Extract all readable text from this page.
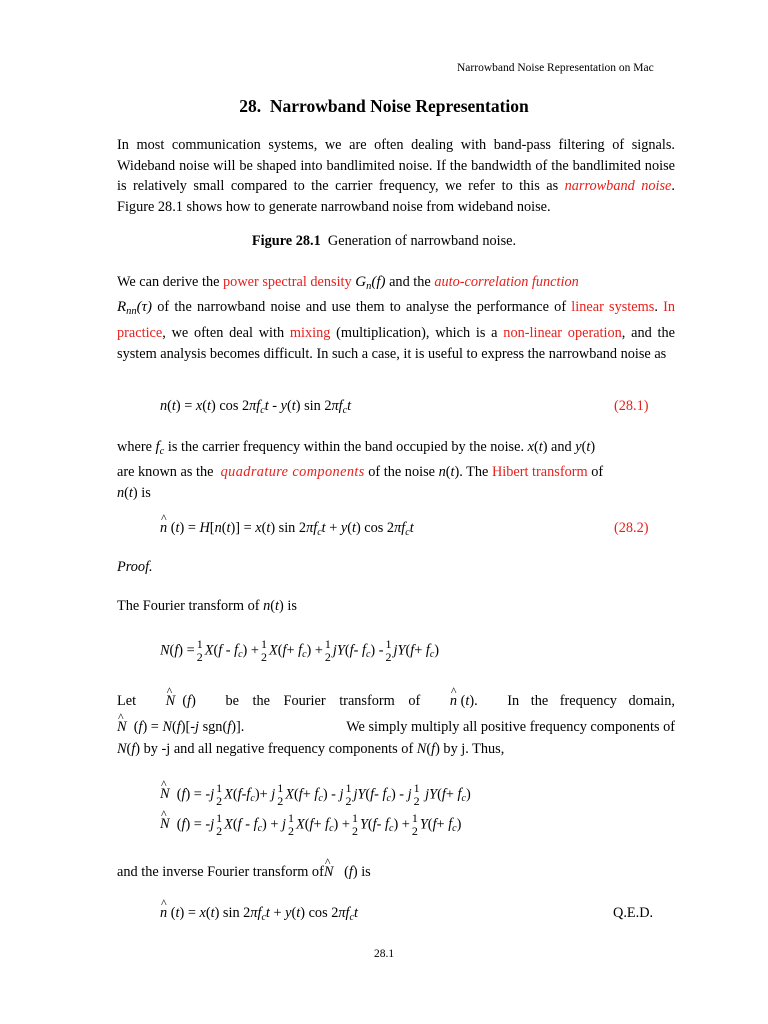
Narrowband Noise Representation on Mac
28.  Narrowband Noise Representation
In most communication systems, we are often dealing with band-pass filtering of signals. Wideband noise will be shaped into bandlimited noise. If the bandwidth of the bandlimited noise is relatively small compared to the carrier frequency, we refer to this as narrowband noise. Figure 28.1 shows how to generate narrowband noise from wideband noise.
Figure 28.1 Generation of narrowband noise.
We can derive the power spectral density $G_n(f)$ and the auto-correlation function
$R_{nn}(\tau)$ of the narrowband noise and use them to analyse the performance of linear systems. In practice, we often deal with mixing (multiplication), which is a non-linear operation, and the system analysis becomes difficult. In such a case, it is useful to express the narrowband noise as
n(t) = x(t) $\cos 2\pi f_ct - y(t)$ $\sin 2\pi f_ct$	(28.1)
where $f_c$ is the carrier frequency within the band occupied by the noise. x(t) and y(t)
are known as the  quadrature components of the noise n(t). The Hibert transform of
n(t) is
^ n (t) = H[n(t)] = x(t) $\sin 2\pi f_ct + y(t)$ $\cos 2\pi f_ct$	(28.2)
Proof.
The Fourier transform of n(t) is
N(f) = 1
2 $X(f - f_c) + 1$
2 $X(f+ f_c) + 1$
2 jY(f- $f_c) - 1$
2 $jY(f+ f_c)$
Let ^ N  (f) be the Fourier transform of ^ n (t). In the frequency domain,
^ N  (f) = N(f)[-j sgn(f)].	We simply multiply all positive frequency components of
N(f) by -j and all negative frequency components of N(f) by j. Thus,
^ N  (f) = -j 1
2 $X(f-f_c)+ j$ 1
2 $X(f+ f_c) - j$ 1
2 jY(f- $f_c$) - j 1
2 $jY(f+ f_c)$
^ N  (f) = -j 1
2 $X(f - f_c) + j$ 1
2 $X(f+ f_c) + 1$
2 Y(f- $f_c) + 1$
2 $Y(f+ f_c)$
and the inverse Fourier transform of^ N   (f) is
^ n (t) = x(t) $\sin 2\pi f_ct + y(t)$ $\cos 2\pi f_ct$	Q.E.D.
28.1
